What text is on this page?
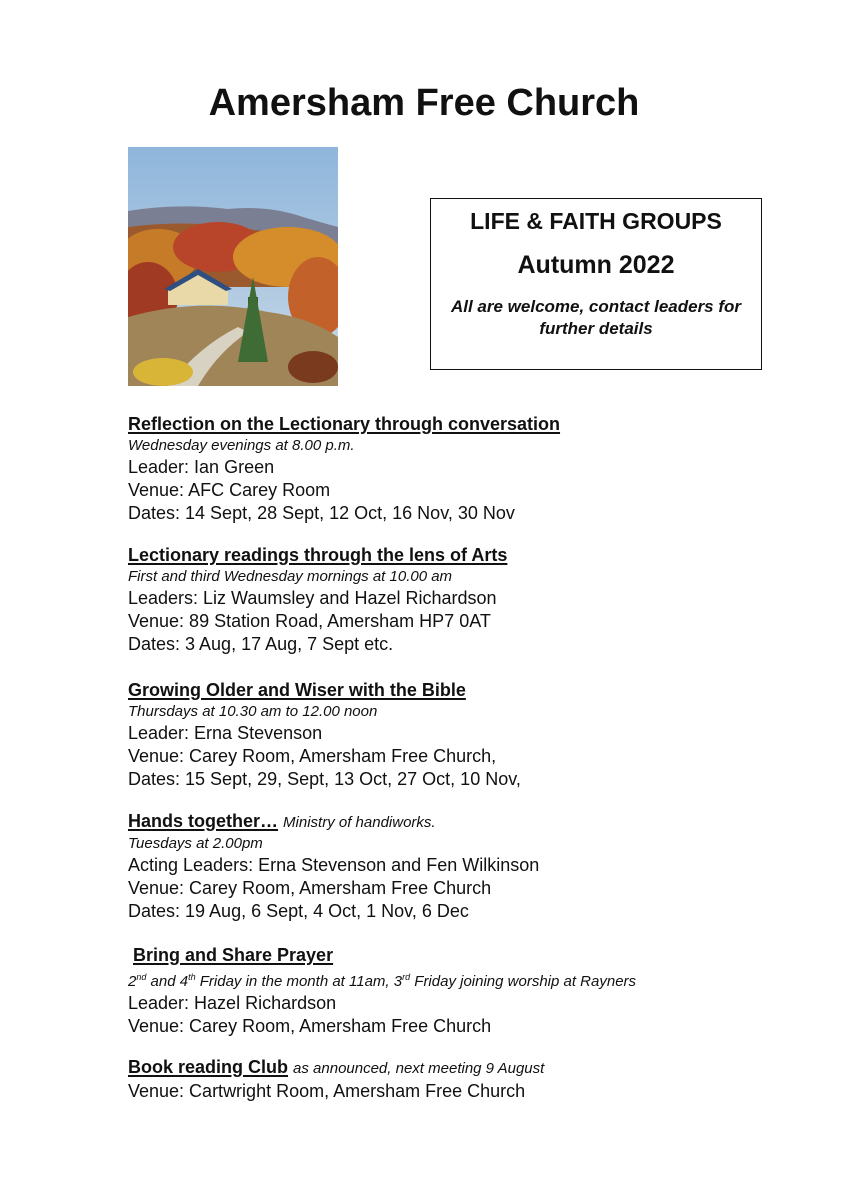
Amersham Free Church
LIFE & FAITH GROUPS
Autumn 2022
All are welcome, contact leaders for further details
Reflection on the Lectionary through conversation
Wednesday evenings at 8.00 p.m.
Leader: Ian Green
Venue: AFC Carey Room
Dates: 14 Sept, 28 Sept, 12 Oct, 16 Nov, 30 Nov
Lectionary readings through the lens of Arts
First and third Wednesday mornings at 10.00 am
Leaders: Liz Waumsley and Hazel Richardson
Venue: 89 Station Road, Amersham HP7 0AT
Dates: 3 Aug, 17 Aug, 7 Sept etc.
Growing Older and Wiser with the Bible
Thursdays at 10.30 am to 12.00 noon
Leader: Erna Stevenson
Venue: Carey Room, Amersham Free Church,
Dates: 15 Sept, 29, Sept, 13 Oct, 27 Oct, 10 Nov,
Hands together… Ministry of handiworks.
Tuesdays at 2.00pm
Acting Leaders: Erna Stevenson and Fen Wilkinson
Venue: Carey Room, Amersham Free Church
Dates: 19 Aug, 6 Sept, 4 Oct, 1 Nov, 6 Dec
Bring and Share Prayer
2nd and 4th Friday in the month at 11am, 3rd Friday joining worship at Rayners
Leader: Hazel Richardson
Venue: Carey Room, Amersham Free Church
Book reading Club as announced, next meeting 9 August
Venue: Cartwright Room, Amersham Free Church
